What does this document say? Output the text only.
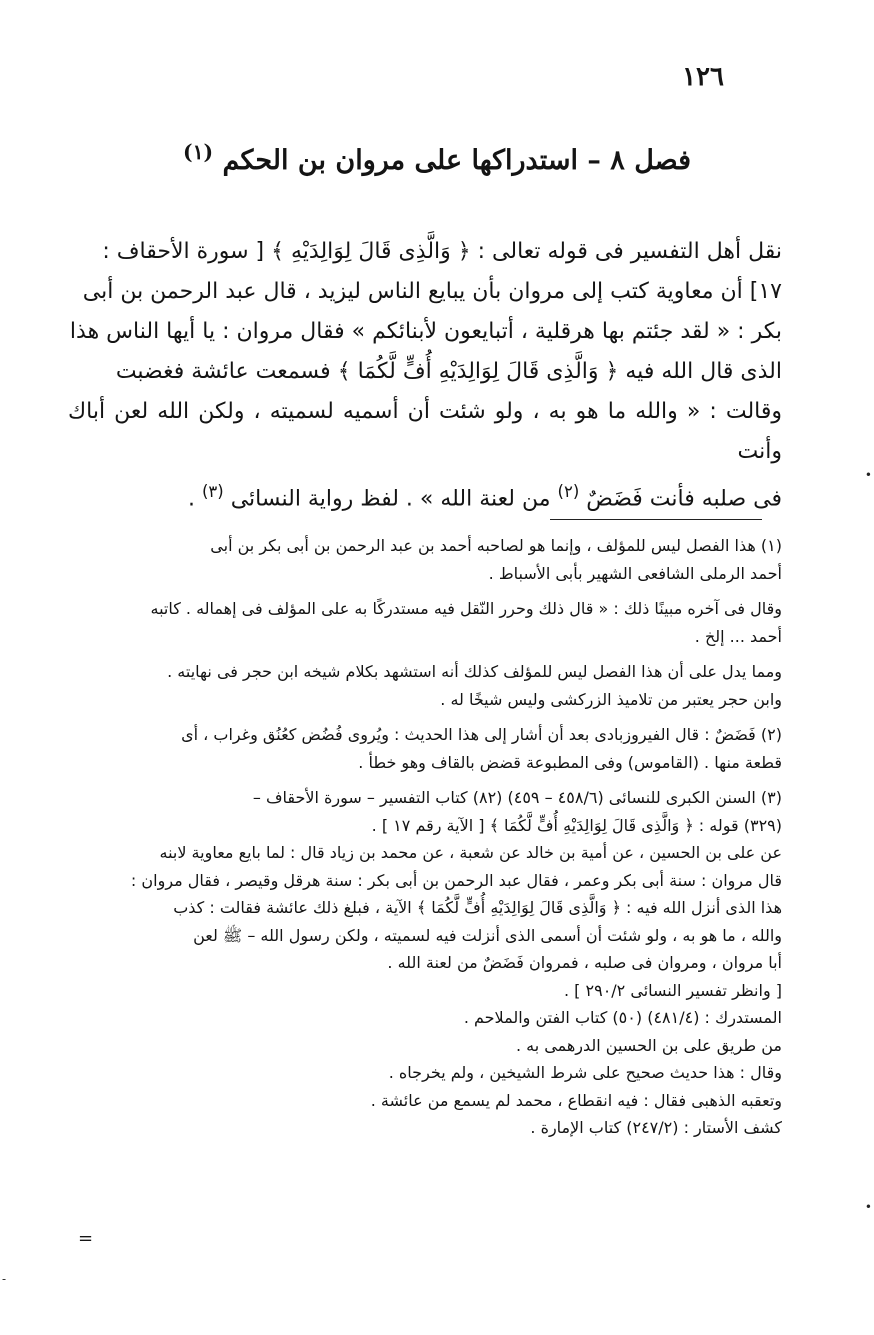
١٢٦
فصل ٨ – استدراكها على مروان بن الحكم $^{(١)}$

نقل أهل التفسير فى قوله تعالى : ﴿ وَالَّذِى قَالَ لِوَالِدَيْهِ ﴾ [ سورة الأحقاف :

١٧] أن معاوية كتب إلى مروان بأن يبايع الناس ليزيد ، قال عبد الرحمن بن أبى

بكر : « لقد جئتم بها هرقلية ، أتبايعون لأبنائكم » فقال مروان : يا أيها الناس هذا

الذى قال الله فيه ﴿ وَالَّذِى قَالَ لِوَالِدَيْهِ أُفٍّ لَّكُمَا ﴾ فسمعت عائشة فغضبت

وقالت : « والله ما هو به ، ولو شئت أن أسميه لسميته ، ولكن الله لعن أباك وأنت

فى صلبه فأنت فَضَضٌ $^{(٢)}$ من لعنة الله » . لفظ رواية النسائى $^{(٣)}$ .

(١) هذا الفصل ليس للمؤلف ، وإنما هو لصاحبه أحمد بن عبد الرحمن بن أبى بكر بن أبى

أحمد الرملى الشافعى الشهير بأبى الأسباط .

وقال فى آخره مبينًا ذلك : « قال ذلك وحرر النّقل فيه مستدركًا به على المؤلف فى إهماله . كاتبه

أحمد ... إلخ .

ومما يدل على أن هذا الفصل ليس للمؤلف كذلك أنه استشهد بكلام شيخه ابن حجر فى نهايته .

وابن حجر يعتبر من تلاميذ الزركشى وليس شيخًا له .

(٢) فَضَضٌ : قال الفيروزبادى بعد أن أشار إلى هذا الحديث : ويُروى فُضُض كعُنُق وغراب ، أى

قطعة منها . (القاموس) وفى المطبوعة قضض بالقاف وهو خطأ .

(٣) السنن الكبرى للنسائى (٤٥٨/٦ – ٤٥٩) (٨٢) كتاب التفسير – سورة الأحقاف –

(٣٢٩) قوله : ﴿ وَالَّذِى قَالَ لِوَالِدَيْهِ أُفٍّ لَّكُمَا ﴾ [ الآية رقم ١٧ ] .

عن على بن الحسين ، عن أمية بن خالد عن شعبة ، عن محمد بن زياد قال : لما بايع معاوية لابنه

قال مروان : سنة أبى بكر وعمر ، فقال عبد الرحمن بن أبى بكر : سنة هرقل وقيصر ، فقال مروان :

هذا الذى أنزل الله فيه : ﴿ وَالَّذِى قَالَ لِوَالِدَيْهِ أُفٍّ لَّكُمَا ﴾ الآية ، فبلغ ذلك عائشة فقالت : كذب

والله ، ما هو به ، ولو شئت أن أسمى الذى أنزلت فيه لسميته ، ولكن رسول الله – ﷺ لعن

أبا مروان ، ومروان فى صلبه ، فمروان فَضَضٌ من لعنة الله .

[ وانظر تفسير النسائى ٢٩٠/٢ ] .

المستدرك : (٤٨١/٤) (٥٠) كتاب الفتن والملاحم .

من طريق على بن الحسين الدرهمى به .

وقال : هذا حديث صحيح على شرط الشيخين ، ولم يخرجاه .

وتعقبه الذهبى فقال : فيه انقطاع ، محمد لم يسمع من عائشة .

كشف الأستار : (٢٤٧/٢) كتاب الإمارة .

=
•
•
-
